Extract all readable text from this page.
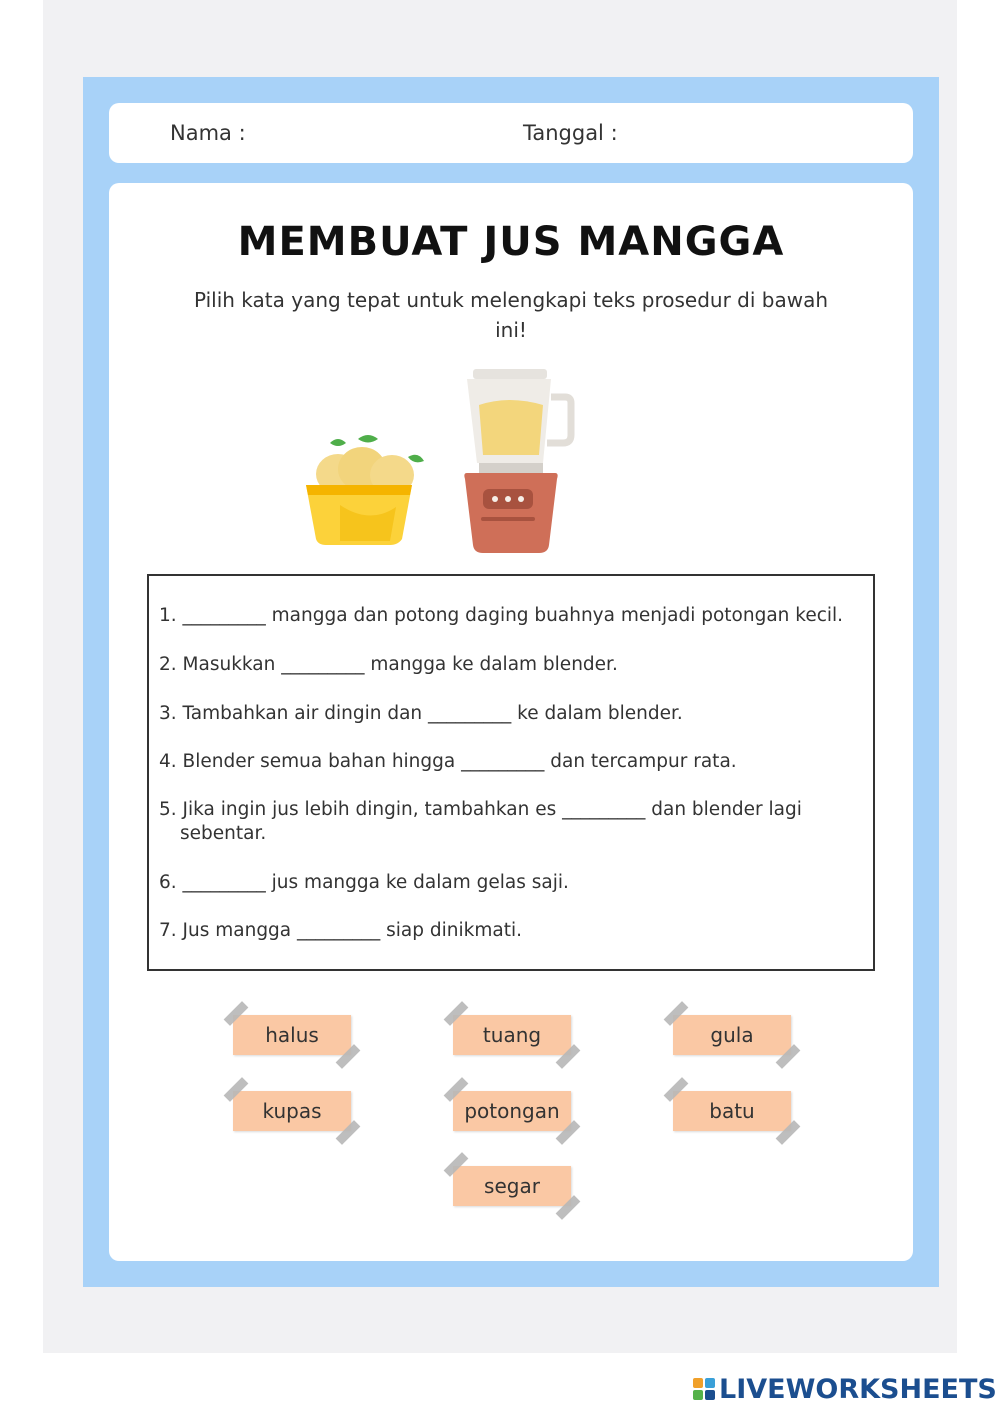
Nama :	Tanggal :
MEMBUAT JUS MANGGA
Pilih kata yang tepat untuk melengkapi teks prosedur di bawah ini!
1. _________ mangga dan potong daging buahnya menjadi potongan kecil.
2. Masukkan _________ mangga ke dalam blender.
3. Tambahkan air dingin dan _________ ke dalam blender.
4. Blender semua bahan hingga _________ dan tercampur rata.
5. Jika ingin jus lebih dingin, tambahkan es _________ dan blender lagi
sebentar.
6. _________ jus mangga ke dalam gelas saji.
7. Jus mangga _________ siap dinikmati.
halus	tuang	gula
kupas	potongan	batu
segar
LIVEWORKSHEETS
